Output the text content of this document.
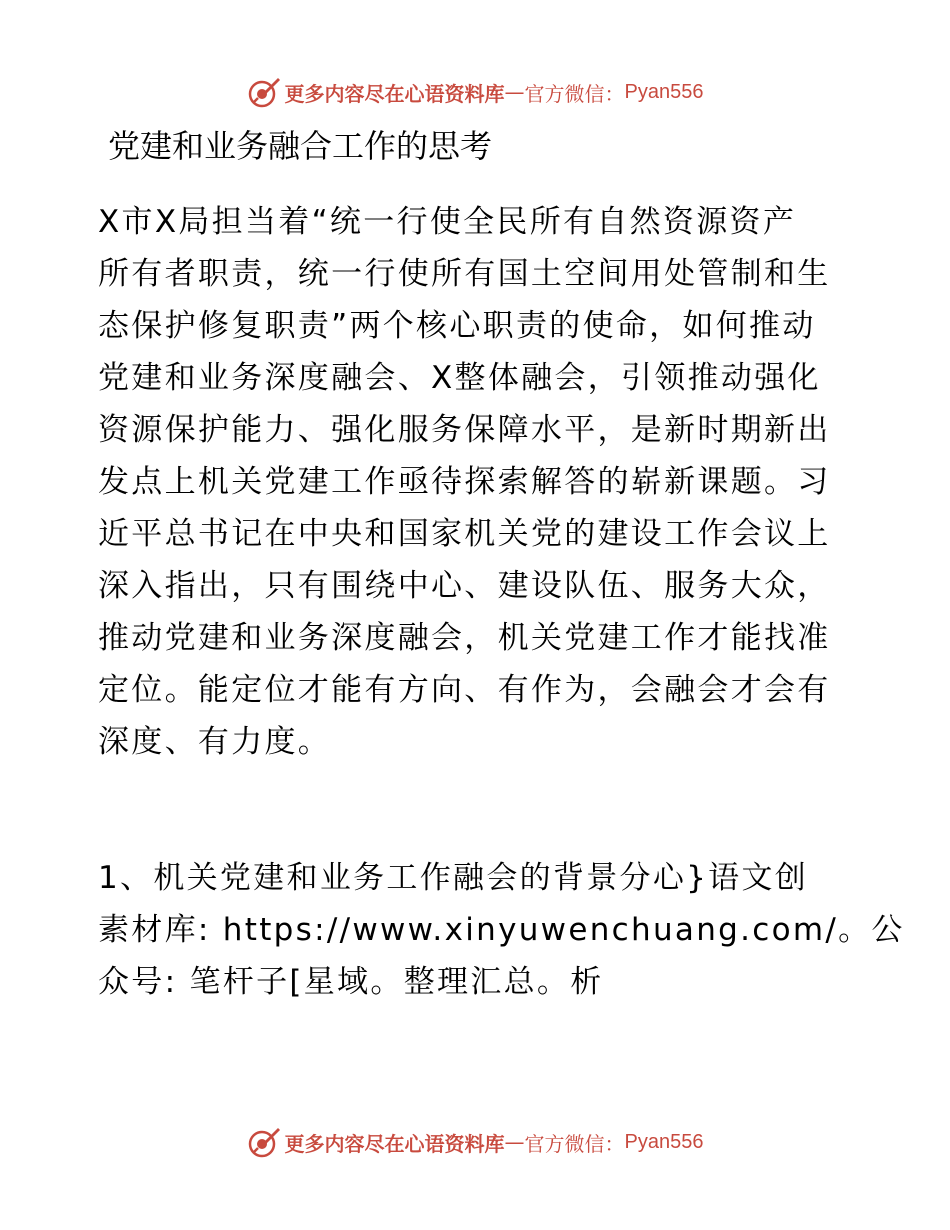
更多内容尽在心语资料库 — 官方微信： Pyan556
党建和业务融合工作的思考

X市X局担当着“统一行使全民所有自然资源资产
所有者职责，统一行使所有国土空间用处管制和生
态保护修复职责”两个核心职责的使命，如何推动
党建和业务深度融会、X整体融会，引领推动强化
资源保护能力、强化服务保障水平，是新时期新出
发点上机关党建工作亟待探索解答的崭新课题。习
近平总书记在中央和国家机关党的建设工作会议上
深入指出，只有围绕中心、建设队伍、服务大众，
推动党建和业务深度融会，机关党建工作才能找准
定位。能定位才能有方向、有作为，会融会才会有
深度、有力度。

1、机关党建和业务工作融会的背景分心}语文创
素材库: https://www.xinyuwenchuang.com/。公
众号: 笔杆子[星域。整理汇总。析

更多内容尽在心语资料库 — 官方微信： Pyan556
